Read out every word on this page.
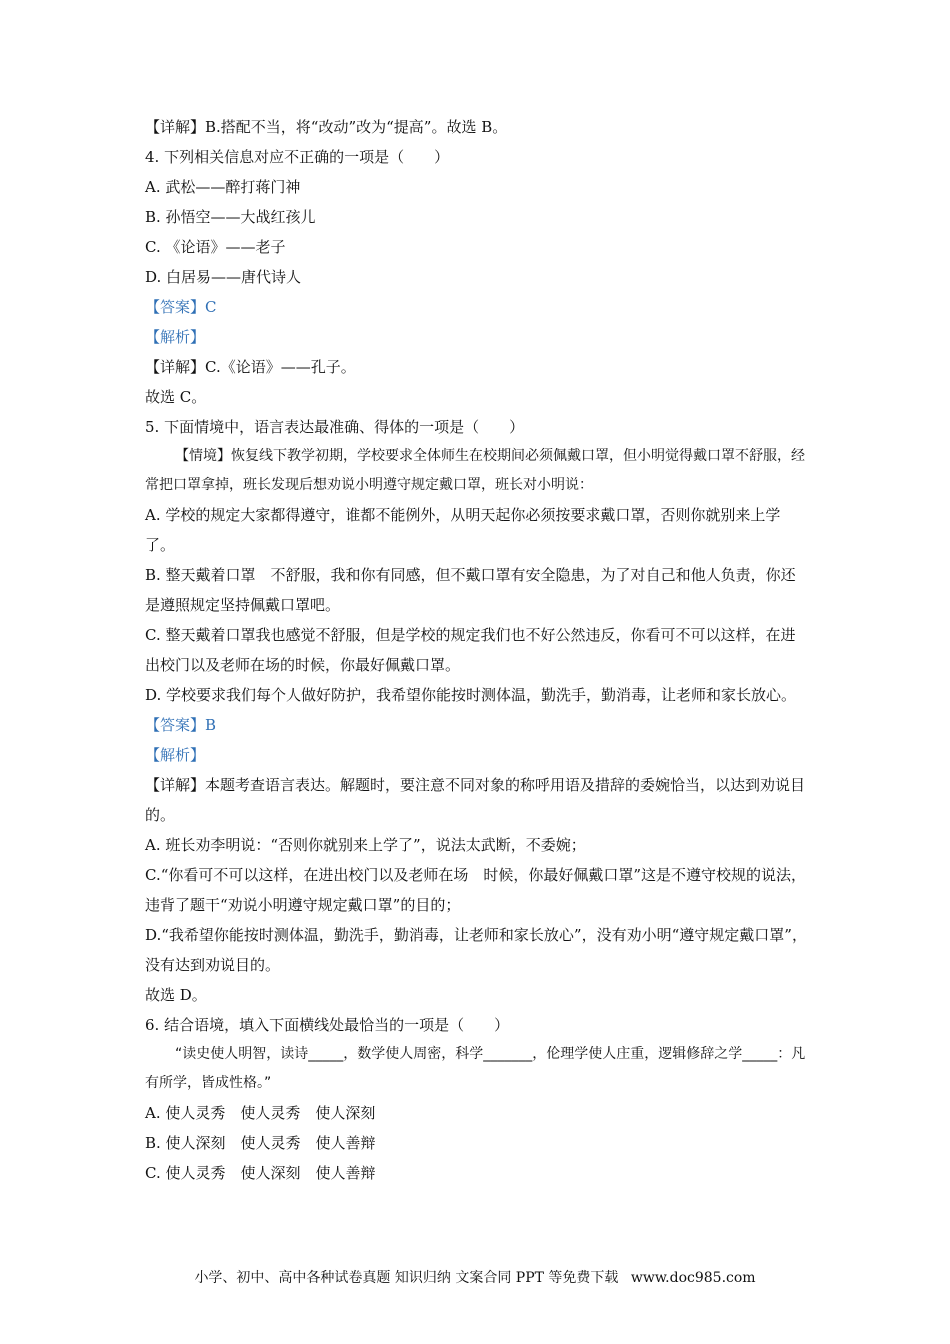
【详解】B.搭配不当，将“改动”改为“提高”。故选 B。
4. 下列相关信息对应不正确的一项是（　　）
A. 武松——醉打蒋门神
B. 孙悟空——大战红孩儿
C. 《论语》——老子
D. 白居易——唐代诗人
【答案】C
【解析】
【详解】C.《论语》——孔子。
故选 C。
5. 下面情境中，语言表达最准确、得体的一项是（　　）
【情境】恢复线下教学初期，学校要求全体师生在校期间必须佩戴口罩，但小明觉得戴口罩不舒服，经常把口罩拿掉，班长发现后想劝说小明遵守规定戴口罩，班长对小明说：
A. 学校的规定大家都得遵守，谁都不能例外，从明天起你必须按要求戴口罩，否则你就别来上学了。
B. 整天戴着口罩　不舒服，我和你有同感，但不戴口罩有安全隐患，为了对自己和他人负责，你还是遵照规定坚持佩戴口罩吧。
C. 整天戴着口罩我也感觉不舒服，但是学校的规定我们也不好公然违反，你看可不可以这样，在进出校门以及老师在场的时候，你最好佩戴口罩。
D. 学校要求我们每个人做好防护，我希望你能按时测体温，勤洗手，勤消毒，让老师和家长放心。
【答案】B
【解析】
【详解】本题考查语言表达。解题时，要注意不同对象的称呼用语及措辞的委婉恰当，以达到劝说目的。
A. 班长劝李明说：“否则你就别来上学了”，说法太武断，不委婉；
C.“你看可不可以这样，在进出校门以及老师在场　时候，你最好佩戴口罩”这是不遵守校规的说法，违背了题干“劝说小明遵守规定戴口罩”的目的；
D.“我希望你能按时测体温，勤洗手，勤消毒，让老师和家长放心”，没有劝小明“遵守规定戴口罩”，没有达到劝说目的。
故选 D。
6. 结合语境，填入下面横线处最恰当的一项是（　　）
“读史使人明智，读诗_____，数学使人周密，科学_______，伦理学使人庄重，逻辑修辞之学_____：凡有所学，皆成性格。”
A. 使人灵秀　使人灵秀　使人深刻
B. 使人深刻　使人灵秀　使人善辩
C. 使人灵秀　使人深刻　使人善辩
小学、初中、高中各种试卷真题 知识归纳 文案合同 PPT 等免费下载 www.doc985.com
